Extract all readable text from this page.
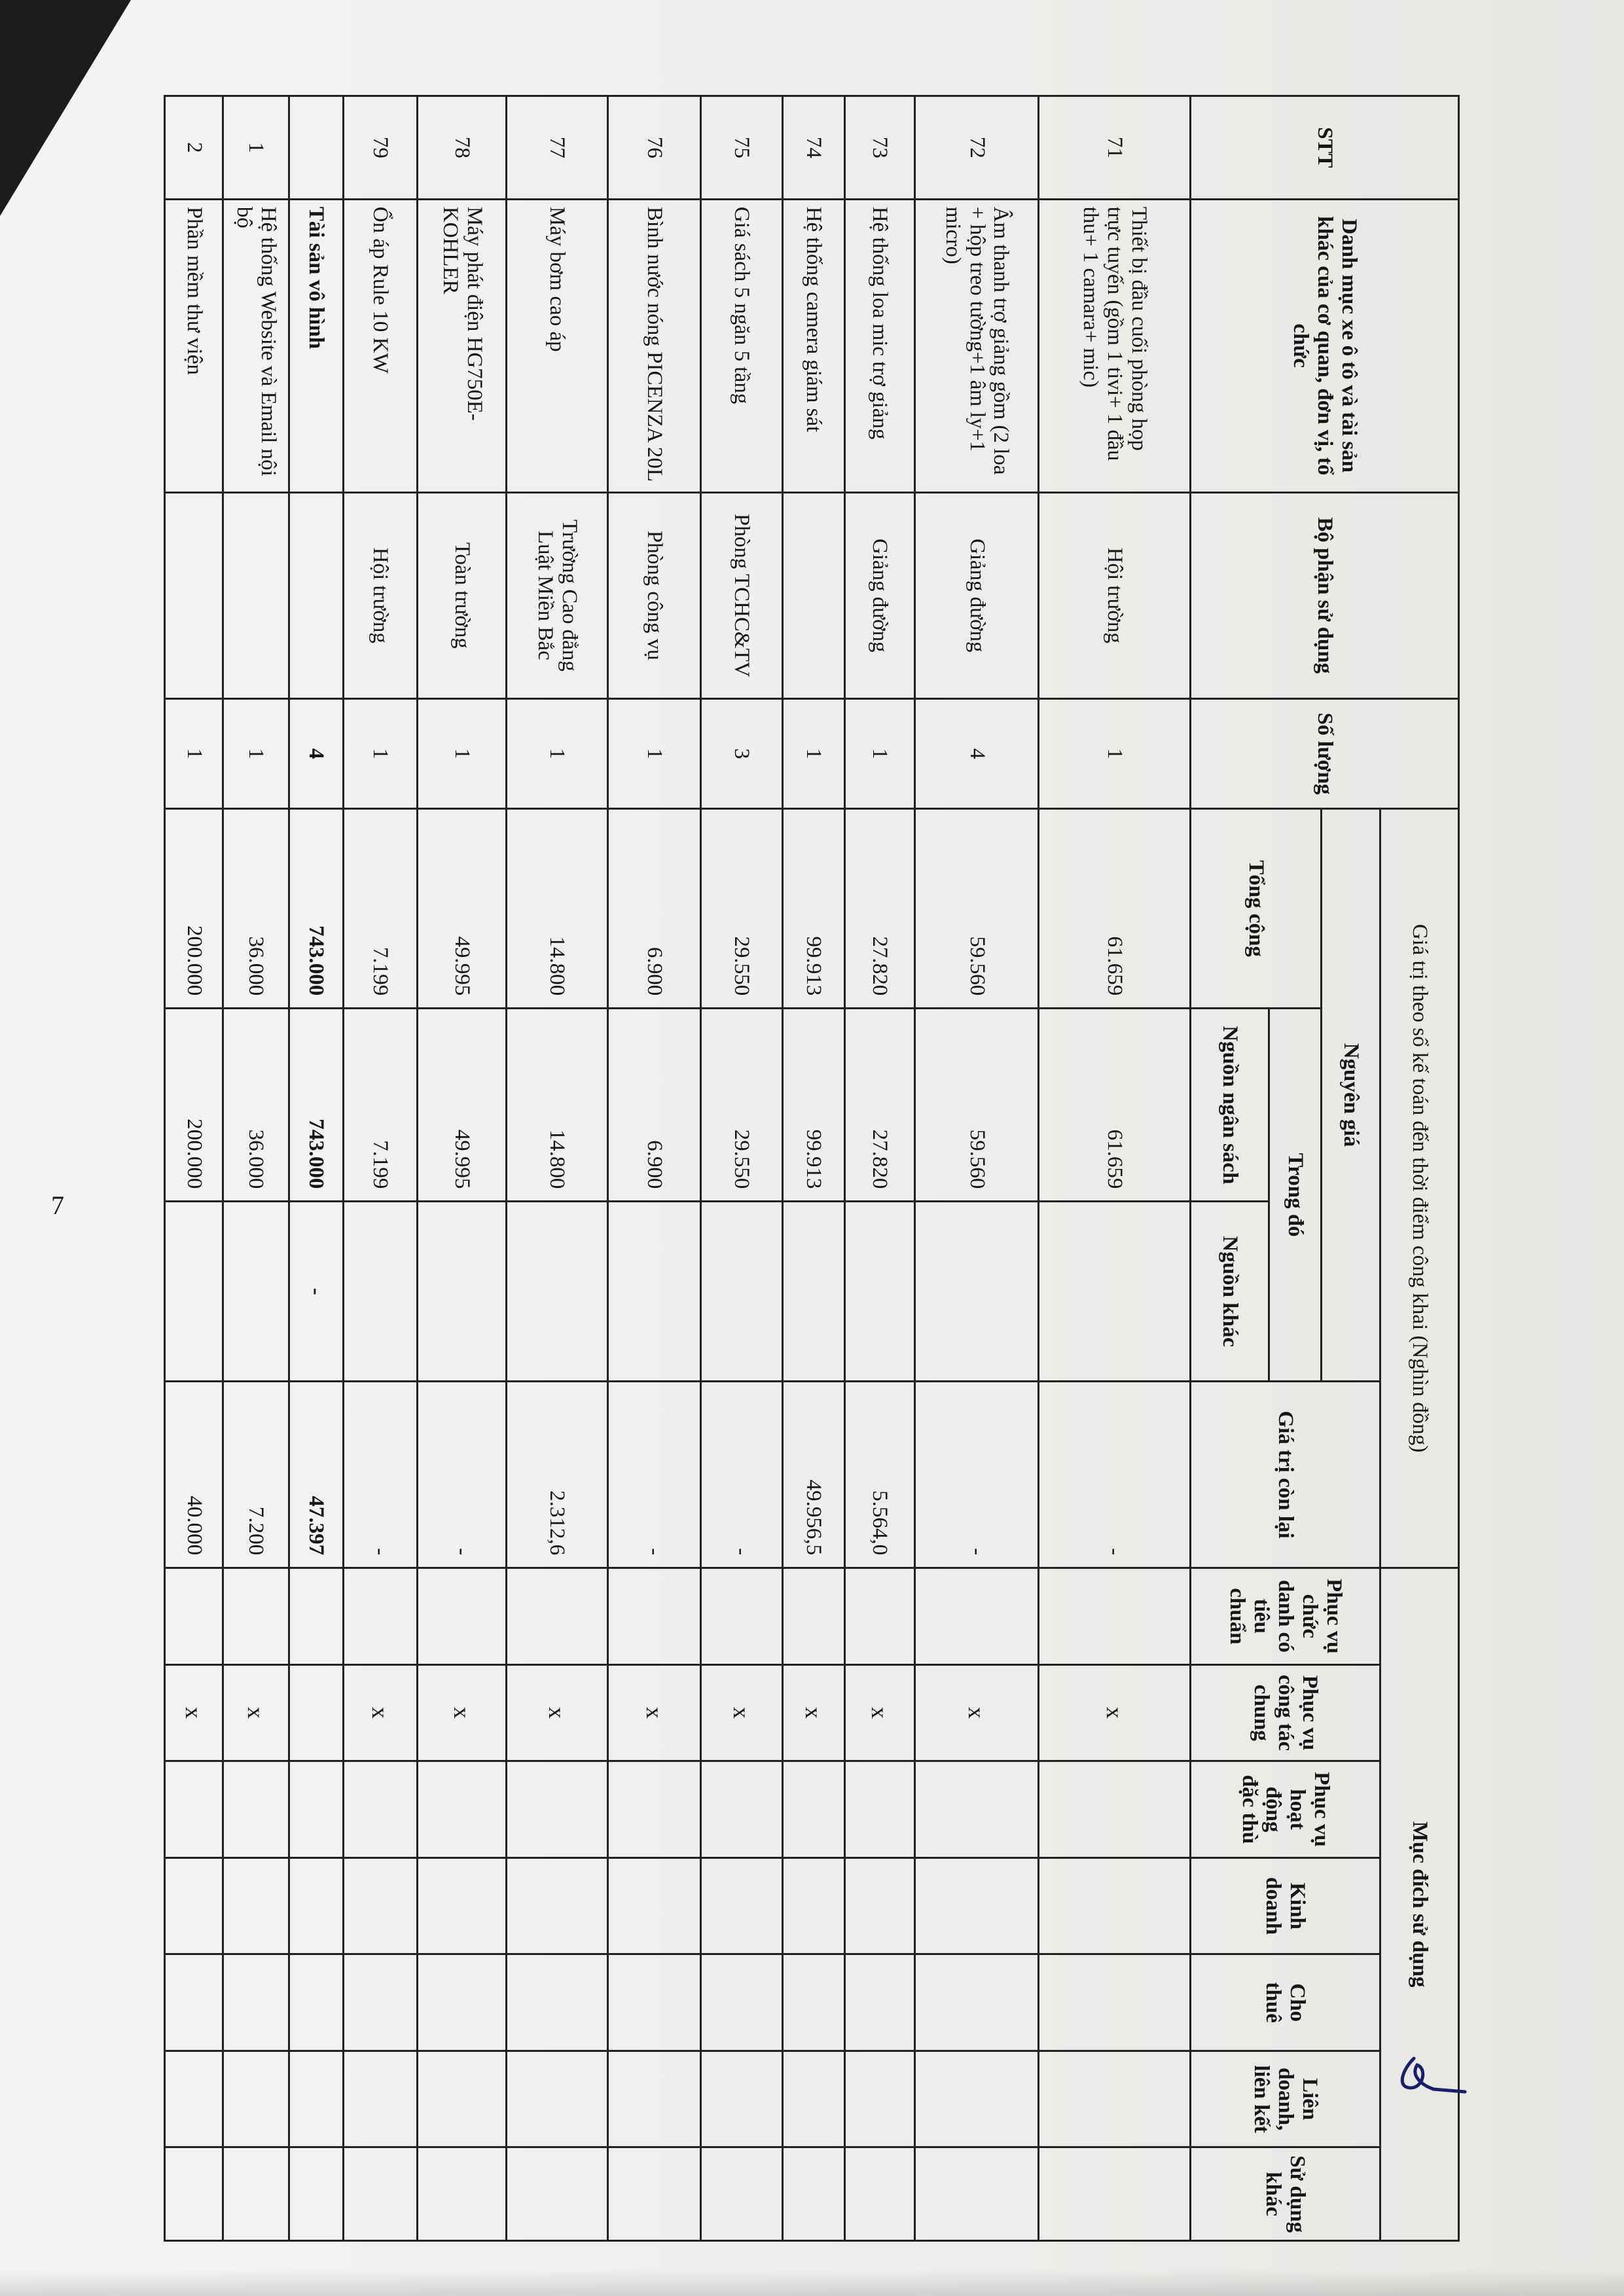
STT	Danh mục xe ô tô và tài sản khác của cơ quan, đơn vị, tổ chức	Bộ phận sử dụng	Số lượng	Giá trị theo sổ kế toán đến thời điểm công khai (Nghìn đồng)				Mục đích sử dụng						
				Nguyên giá			Giá trị còn lại	Phục vụ chức danh có tiêu chuẩn	Phục vụ công tác chung	Phục vụ hoạt động đặc thù	Kinh doanh	Cho thuê	Liên doanh, liên kết	Sử dụng khác
				Tổng cộng	Trong đó									
					Nguồn ngân sách	Nguồn khác								
71	Thiết bị đầu cuối phòng họp trực tuyến (gồm 1 tivi+ 1 đầu thu+ 1 camara+ mic)	Hội trường	1	61.659	61.659		-		x					
72	Âm thanh trợ giảng gồm (2 loa + hộp treo tường+1 âm ly+1 micro)	Giảng đường	4	59.560	59.560		-		x					
73	Hệ thống loa mic trợ giảng	Giảng đường	1	27.820	27.820		5.564,0		x					
74	Hệ thống camera giám sát		1	99.913	99.913		49.956,5		x					
75	Giá sách 5 ngăn 5 tầng	Phòng TCHC&TV	3	29.550	29.550		-		x					
76	Bình nước nóng PICENZA 20L	Phòng công vụ	1	6.900	6.900		-		x					
77	Máy bơm cao áp	Trường Cao đẳng Luật Miền Bắc	1	14.800	14.800		2.312,6		x					
78	Máy phát điện HG750E-KOHLER	Toàn trường	1	49.995	49.995		-		x					
79	Ổn áp Rule 10 KW	Hội trường	1	7.199	7.199		-		x					
	Tài sản vô hình		4	743.000	743.000	-	47.397							
1	Hệ thống Website và Email nội bộ		1	36.000	36.000		7.200		x					
2	Phần mềm thư viện		1	200.000	200.000		40.000		x					
7
